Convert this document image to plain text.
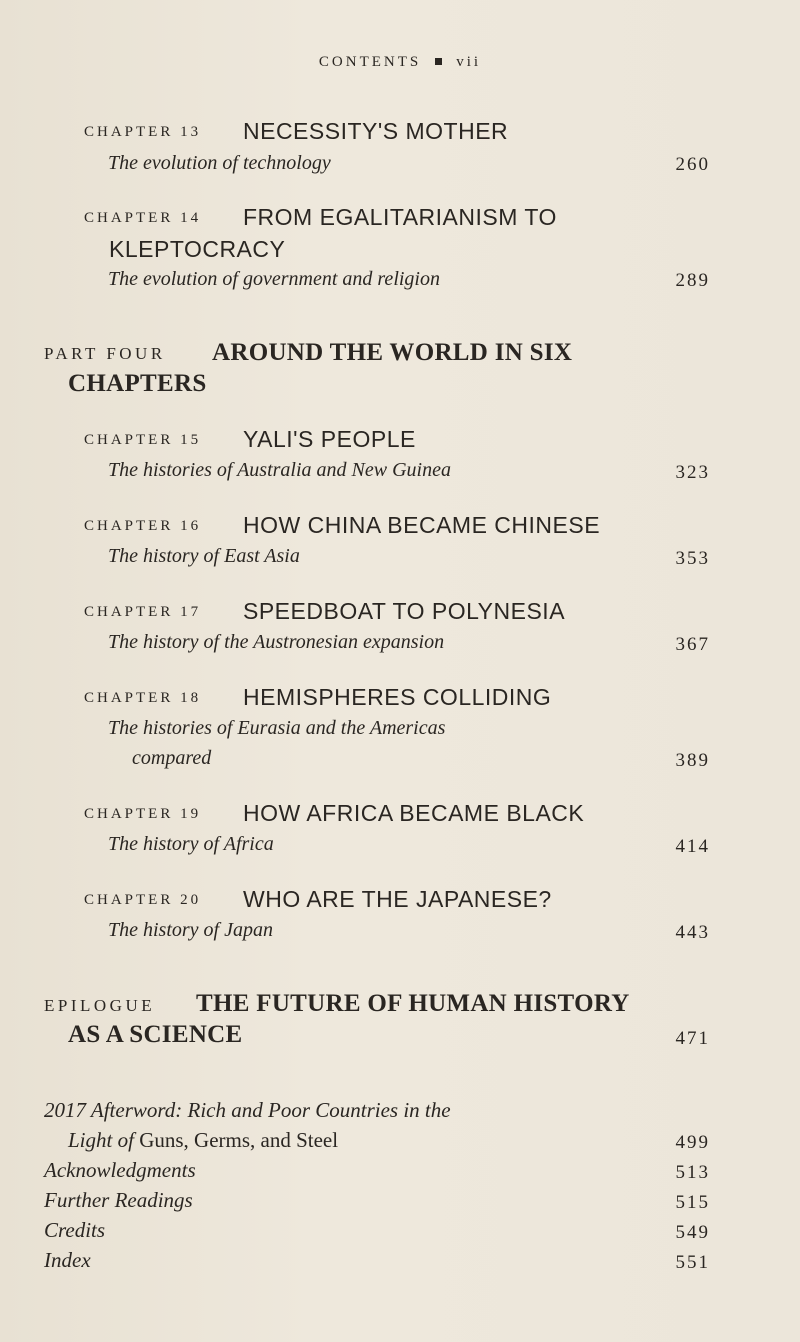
CONTENTS vii
CHAPTER 13 NECESSITY'S MOTHER
The evolution of technology	260
CHAPTER 14 FROM EGALITARIANISM TO
KLEPTOCRACY
The evolution of government and religion	289
PART FOUR AROUND THE WORLD IN SIX
CHAPTERS
CHAPTER 15 YALI'S PEOPLE
The histories of Australia and New Guinea	323
CHAPTER 16 HOW CHINA BECAME CHINESE
The history of East Asia	353
CHAPTER 17 SPEEDBOAT TO POLYNESIA
The history of the Austronesian expansion	367
CHAPTER 18 HEMISPHERES COLLIDING
The histories of Eurasia and the Americas
compared	389
CHAPTER 19 HOW AFRICA BECAME BLACK
The history of Africa	414
CHAPTER 20 WHO ARE THE JAPANESE?
The history of Japan	443
EPILOGUE THE FUTURE OF HUMAN HISTORY
AS A SCIENCE	471
2017 Afterword: Rich and Poor Countries in the
Light of Guns, Germs, and Steel	499
Acknowledgments	513
Further Readings	515
Credits	549
Index	551
